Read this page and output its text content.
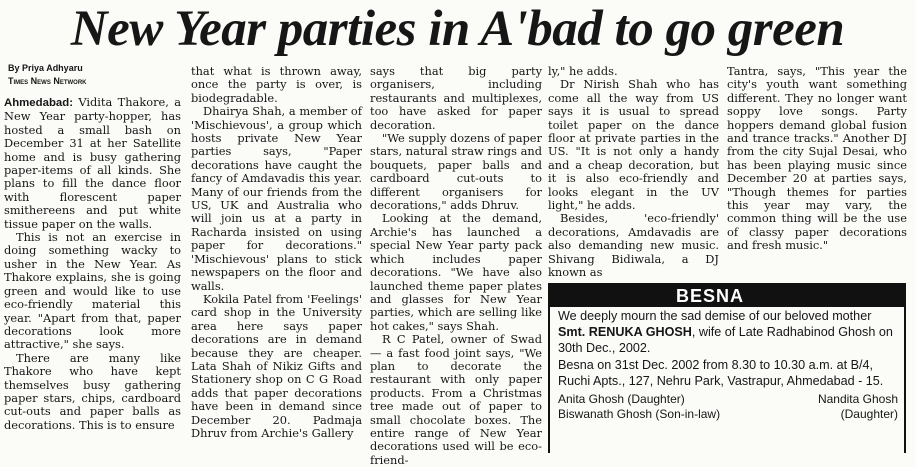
New Year parties in A'bad to go green
By Priya Adhyaru
Times News Network

Ahmedabad: Vidita Thakore, a New Year party-hopper, has hosted a small bash on December 31 at her Satellite home and is busy gathering paper-items of all kinds. She plans to fill the dance floor with florescent paper smithereens and put white tissue paper on the walls.

This is not an exercise in doing something wacky to usher in the New Year. As Thakore explains, she is going green and would like to use eco-friendly material this year. "Apart from that, paper decorations look more attractive," she says.

There are many like Thakore who have kept themselves busy gathering paper stars, chips, cardboard cut-outs and paper balls as decorations. This is to ensure

that what is thrown away, once the party is over, is biodegradable.

Dhairya Shah, a member of 'Mischievous', a group which hosts private New Year parties says, "Paper decorations have caught the fancy of Amdavadis this year. Many of our friends from the US, UK and Australia who will join us at a party in Racharda insisted on using paper for decorations." 'Mischievous' plans to stick newspapers on the floor and walls.

Kokila Patel from 'Feelings' card shop in the University area here says paper decorations are in demand because they are cheaper. Lata Shah of Nikiz Gifts and Stationery shop on C G Road adds that paper decorations have been in demand since December 20. Padmaja Dhruv from Archie's Gallery

says that big party organisers, including restaurants and multiplexes, too have asked for paper decoration.

"We supply dozens of paper stars, natural straw rings and bouquets, paper balls and cardboard cut-outs to different organisers for decorations," adds Dhruv.

Looking at the demand, Archie's has launched a special New Year party pack which includes paper decorations. "We have also launched theme paper plates and glasses for New Year parties, which are selling like hot cakes," says Shah.

R C Patel, owner of Swad — a fast food joint says, "We plan to decorate the restaurant with only paper products. From a Christmas tree made out of paper to small chocolate boxes. The entire range of New Year decorations used will be eco-friend-

ly," he adds.

Dr Nirish Shah who has come all the way from US says it is usual to spread toilet paper on the dance floor at private parties in the US. "It is not only a handy and a cheap decoration, but it is also eco-friendly and looks elegant in the UV light," he adds.

Besides, 'eco-friendly' decorations, Amdavadis are also demanding new music. Shivang Bidiwala, a DJ known as

Tantra, says, "This year the city's youth want something different. They no longer want soppy love songs. Party hoppers demand global fusion and trance tracks." Another DJ from the city Sujal Desai, who has been playing music since December 20 at parties says, "Though themes for parties this year may vary, the common thing will be the use of classy paper decorations and fresh music."

BESNA

We deeply mourn the sad demise of our beloved mother Smt. RENUKA GHOSH, wife of Late Radhabinod Ghosh on 30th Dec., 2002.

Besna on 31st Dec. 2002 from 8.30 to 10.30 a.m. at B/4, Ruchi Apts., 127, Nehru Park, Vastrapur, Ahmedabad - 15.

Anita Ghosh (Daughter)	Nandita Ghosh
Biswanath Ghosh (Son-in-law)	(Daughter)
